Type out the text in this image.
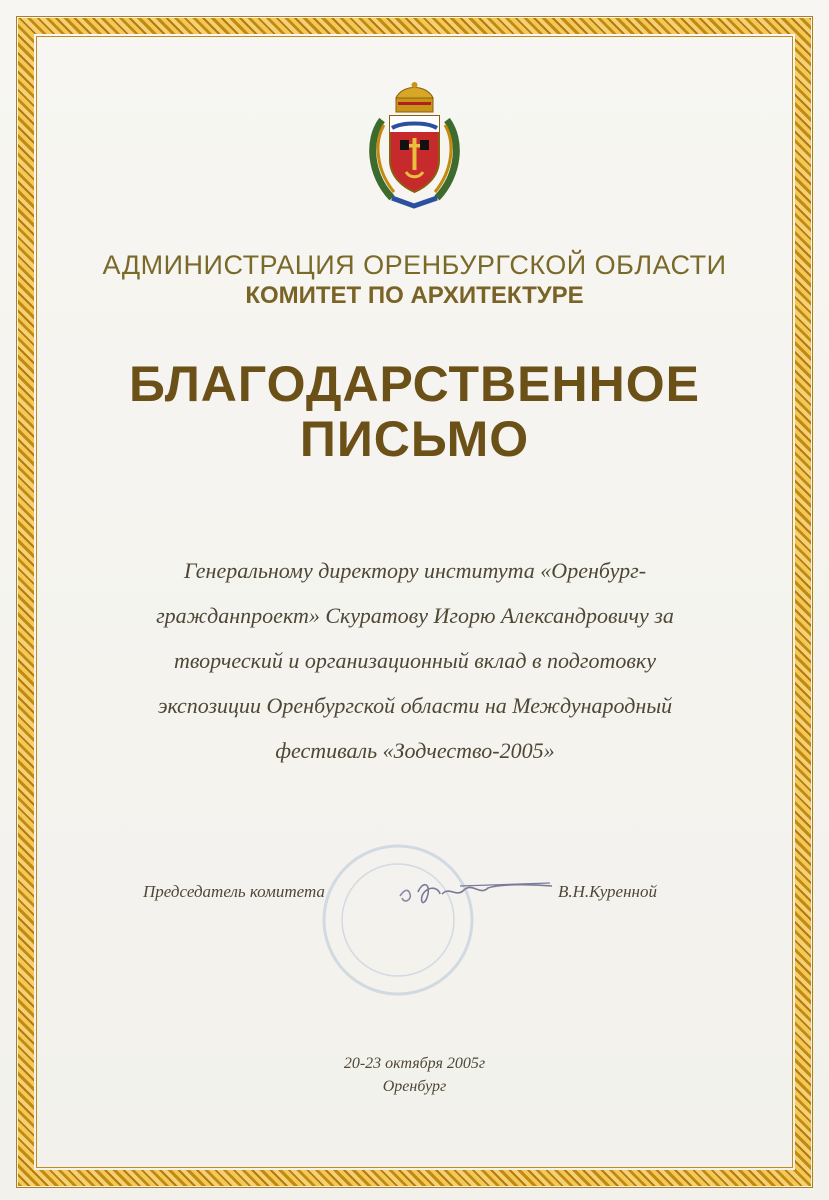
АДМИНИСТРАЦИЯ ОРЕНБУРГСКОЙ ОБЛАСТИ
КОМИТЕТ ПО АРХИТЕКТУРЕ
БЛАГОДАРСТВЕННОЕ
ПИСЬМО
Генеральному директору института «Оренбург-
гражданпроект» Скуратову Игорю Александровичу за
творческий и организационный вклад в подготовку
экспозиции Оренбургской области на Международный
фестиваль «Зодчество-2005»
Председатель комитета	В.Н.Куренной
20-23 октября 2005г
Оренбург
